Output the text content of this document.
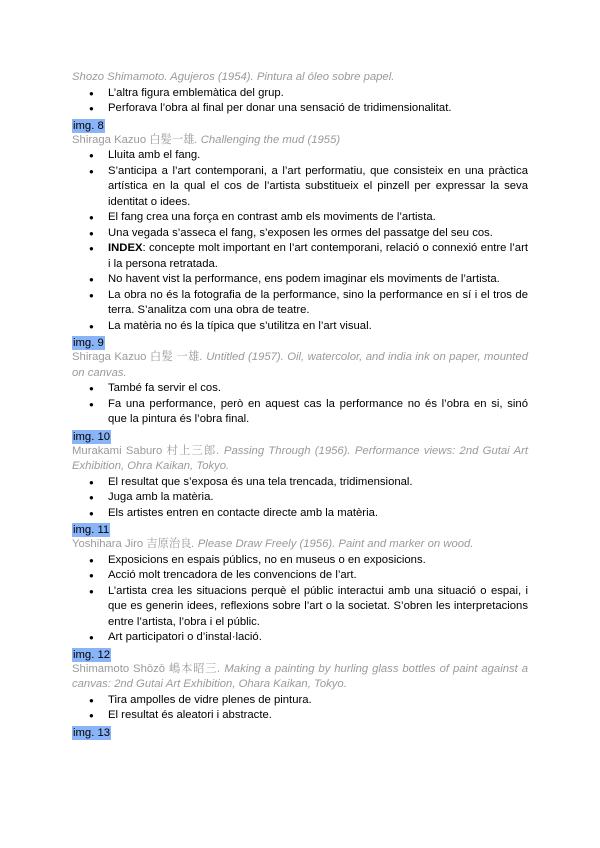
Shozo Shimamoto. Agujeros (1954). Pintura al óleo sobre papel.

● L’altra figura emblemàtica del grup.
● Perforava l’obra al final per donar una sensació de tridimensionalitat.
img. 8

Shiraga Kazuo 白髪一雄. Challenging the mud (1955)

● Lluita amb el fang.
● S’anticipa a l’art contemporani, a l’art performatiu, que consisteix en una pràctica artística en la qual el cos de l’artista substitueix el pinzell per expressar la seva identitat o idees.
● El fang crea una força en contrast amb els moviments de l’artista.
● Una vegada s’asseca el fang, s’exposen les ormes del passatge del seu cos.
● INDEX: concepte molt important en l’art contemporani, relació o connexió entre l’art i la persona retratada.
● No havent vist la performance, ens podem imaginar els moviments de l’artista.
● La obra no és la fotografia de la performance, sino la performance en sí i el tros de terra. S’analitza com una obra de teatre.
● La matèria no és la típica que s’utilitza en l’art visual.
img. 9

Shiraga Kazuo 白髪 一雄. Untitled (1957). Oil, watercolor, and india ink on paper, mounted on canvas.

● També fa servir el cos.
● Fa una performance, però en aquest cas la performance no és l’obra en si, sinó que la pintura és l’obra final.
img. 10

Murakami Saburo 村上三郎. Passing Through (1956). Performance views: 2nd Gutai Art Exhibition, Ohra Kaikan, Tokyo.

● El resultat que s’exposa és una tela trencada, tridimensional.
● Juga amb la matèria.
● Els artistes entren en contacte directe amb la matèria.
img. 11

Yoshihara Jiro 吉原治良. Please Draw Freely (1956). Paint and marker on wood.

● Exposicions en espais públics, no en museus o en exposicions.
● Acció molt trencadora de les convencions de l’art.
● L’artista crea les situacions perquè el públic interactui amb una situació o espai, i que es generin idees, reflexions sobre l’art o la societat. S’obren les interpretacions entre l’artista, l’obra i el públic.
● Art participatori o d’instal·lació.
img. 12

Shimamoto Shōzō 嶋本昭三. Making a painting by hurling glass bottles of paint against a canvas: 2nd Gutai Art Exhibition, Ohara Kaikan, Tokyo.

● Tira ampolles de vidre plenes de pintura.
● El resultat és aleatori i abstracte.
img. 13
